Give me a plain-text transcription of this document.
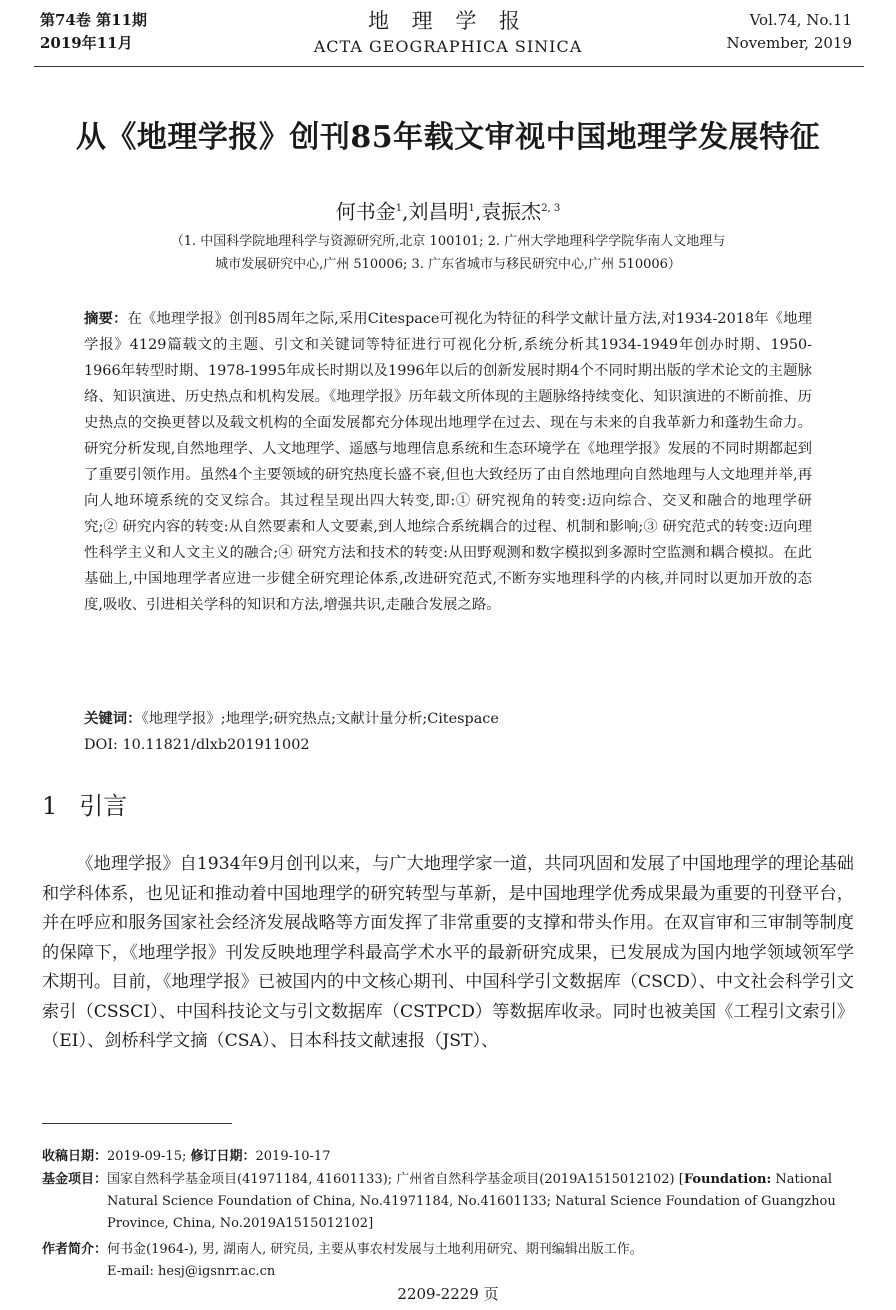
第74卷 第11期
2019年11月
地 理 学 报
ACTA GEOGRAPHICA SINICA
Vol.74, No.11
November, 2019
从《地理学报》创刊85年载文审视中国地理学发展特征
何书金$^1$,刘昌明$^1$,袁振杰$^{2, 3}$
（1. 中国科学院地理科学与资源研究所,北京 100101; 2. 广州大学地理科学学院华南人文地理与
城市发展研究中心,广州 510006; 3. 广东省城市与移民研究中心,广州 510006）
摘要：在《地理学报》创刊85周年之际,采用Citespace可视化为特征的科学文献计量方法,对1934-2018年《地理学报》4129篇载文的主题、引文和关键词等特征进行可视化分析,系统分析其1934-1949年创办时期、1950-1966年转型时期、1978-1995年成长时期以及1996年以后的创新发展时期4个不同时期出版的学术论文的主题脉络、知识演进、历史热点和机构发展。《地理学报》历年载文所体现的主题脉络持续变化、知识演进的不断前推、历史热点的交换更替以及载文机构的全面发展都充分体现出地理学在过去、现在与未来的自我革新力和蓬勃生命力。研究分析发现,自然地理学、人文地理学、遥感与地理信息系统和生态环境学在《地理学报》发展的不同时期都起到了重要引领作用。虽然4个主要领域的研究热度长盛不衰,但也大致经历了由自然地理向自然地理与人文地理并举,再向人地环境系统的交叉综合。其过程呈现出四大转变,即:① 研究视角的转变:迈向综合、交叉和融合的地理学研究;② 研究内容的转变:从自然要素和人文要素,到人地综合系统耦合的过程、机制和影响;③ 研究范式的转变:迈向理性科学主义和人文主义的融合;④ 研究方法和技术的转变:从田野观测和数字模拟到多源时空监测和耦合模拟。在此基础上,中国地理学者应进一步健全研究理论体系,改进研究范式,不断夯实地理科学的内核,并同时以更加开放的态度,吸收、引进相关学科的知识和方法,增强共识,走融合发展之路。
关键词：《地理学报》;地理学;研究热点;文献计量分析;Citespace
DOI: 10.11821/dlxb201911002
1 引言
《地理学报》自1934年9月创刊以来，与广大地理学家一道，共同巩固和发展了中国地理学的理论基础和学科体系，也见证和推动着中国地理学的研究转型与革新，是中国地理学优秀成果最为重要的刊登平台，并在呼应和服务国家社会经济发展战略等方面发挥了非常重要的支撑和带头作用。在双盲审和三审制等制度的保障下，《地理学报》刊发反映地理学科最高学术水平的最新研究成果，已发展成为国内地学领域领军学术期刊。目前，《地理学报》已被国内的中文核心期刊、中国科学引文数据库（CSCD）、中文社会科学引文索引（CSSCI）、中国科技论文与引文数据库（CSTPCD）等数据库收录。同时也被美国《工程引文索引》（EI）、剑桥科学文摘（CSA）、日本科技文献速报（JST）、
收稿日期：2019-09-15; 修订日期：2019-10-17
基金项目： 国家自然科学基金项目(41971184, 41601133); 广州省自然科学基金项目(2019A1515012102) [Foundation: National Natural Science Foundation of China, No.41971184, No.41601133; Natural Science Foundation of Guangzhou Province, China, No.2019A1515012102]
作者简介： 何书金(1964-), 男, 湖南人, 研究员, 主要从事农村发展与土地利用研究、期刊编辑出版工作。
E-mail: hesj@igsnrr.ac.cn
2209-2229 页
